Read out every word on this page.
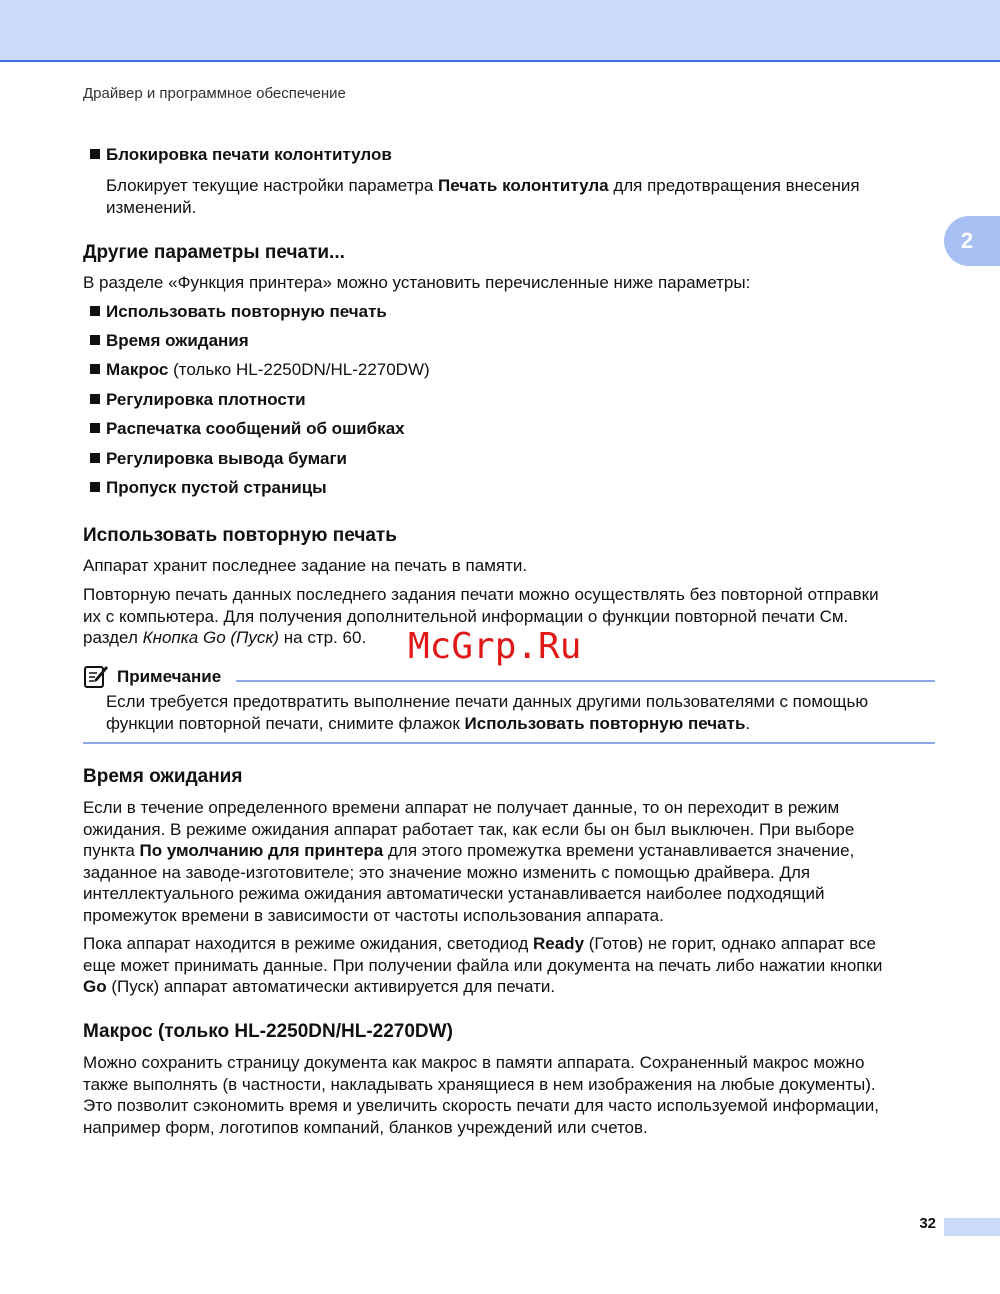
Драйвер и программное обеспечение
2
Блокировка печати колонтитулов
Блокирует текущие настройки параметра Печать колонтитула для предотвращения внесения
изменений.
Другие параметры печати...
В разделе «Функция принтера» можно установить перечисленные ниже параметры:
Использовать повторную печать
Время ожидания
Макрос (только HL-2250DN/HL-2270DW)
Регулировка плотности
Распечатка сообщений об ошибках
Регулировка вывода бумаги
Пропуск пустой страницы
Использовать повторную печать
Аппарат хранит последнее задание на печать в памяти.
Повторную печать данных последнего задания печати можно осуществлять без повторной отправки
их с компьютера. Для получения дополнительной информации о функции повторной печати См.
раздел Кнопка Go (Пуск) на стр. 60.	McGrp.Ru
Примечание
Если требуется предотвратить выполнение печати данных другими пользователями с помощью
функции повторной печати, снимите флажок Использовать повторную печать.
Время ожидания
Если в течение определенного времени аппарат не получает данные, то он переходит в режим
ожидания. В режиме ожидания аппарат работает так, как если бы он был выключен. При выборе
пункта По умолчанию для принтера для этого промежутка времени устанавливается значение,
заданное на заводе-изготовителе; это значение можно изменить с помощью драйвера. Для
интеллектуального режима ожидания автоматически устанавливается наиболее подходящий
промежуток времени в зависимости от частоты использования аппарата.
Пока аппарат находится в режиме ожидания, светодиод Ready (Готов) не горит, однако аппарат все
еще может принимать данные. При получении файла или документа на печать либо нажатии кнопки
Go (Пуск) аппарат автоматически активируется для печати.
Макрос (только HL-2250DN/HL-2270DW)
Можно сохранить страницу документа как макрос в памяти аппарата. Сохраненный макрос можно
также выполнять (в частности, накладывать хранящиеся в нем изображения на любые документы).
Это позволит сэкономить время и увеличить скорость печати для часто используемой информации,
например форм, логотипов компаний, бланков учреждений или счетов.
32
